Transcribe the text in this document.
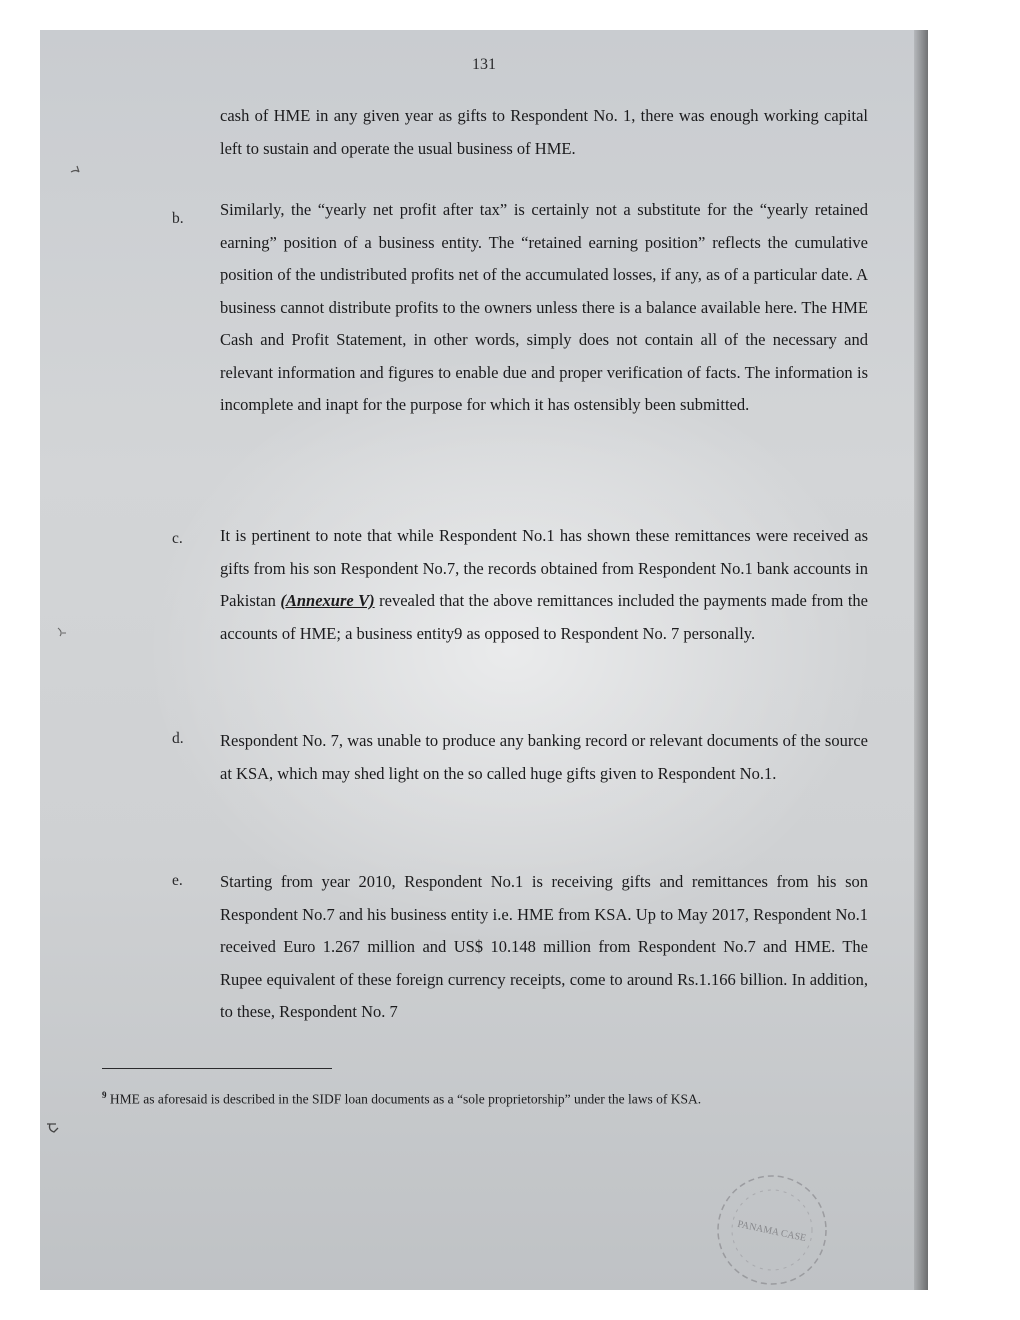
131

cash of HME in any given year as gifts to Respondent No. 1, there was enough working capital left to sustain and operate the usual business of HME.

b. Similarly, the “yearly net profit after tax” is certainly not a substitute for the “yearly retained earning” position of a business entity. The “retained earning position” reflects the cumulative position of the undistributed profits net of the accumulated losses, if any, as of a particular date. A business cannot distribute profits to the owners unless there is a balance available here. The HME Cash and Profit Statement, in other words, simply does not contain all of the necessary and relevant information and figures to enable due and proper verification of facts. The information is incomplete and inapt for the purpose for which it has ostensibly been submitted.

c. It is pertinent to note that while Respondent No.1 has shown these remittances were received as gifts from his son Respondent No.7, the records obtained from Respondent No.1 bank accounts in Pakistan (Annexure V) revealed that the above remittances included the payments made from the accounts of HME; a business entity9 as opposed to Respondent No. 7 personally.

d. Respondent No. 7, was unable to produce any banking record or relevant documents of the source at KSA, which may shed light on the so called huge gifts given to Respondent No.1.

e. Starting from year 2010, Respondent No.1 is receiving gifts and remittances from his son Respondent No.7 and his business entity i.e. HME from KSA. Up to May 2017, Respondent No.1 received Euro 1.267 million and US$ 10.148 million from Respondent No.7 and HME. The Rupee equivalent of these foreign currency receipts, come to around Rs.1.166 billion. In addition, to these, Respondent No. 7

$^9$ HME as aforesaid is described in the SIDF loan documents as a “sole proprietorship” under the laws of KSA.
PANAMA CASE
